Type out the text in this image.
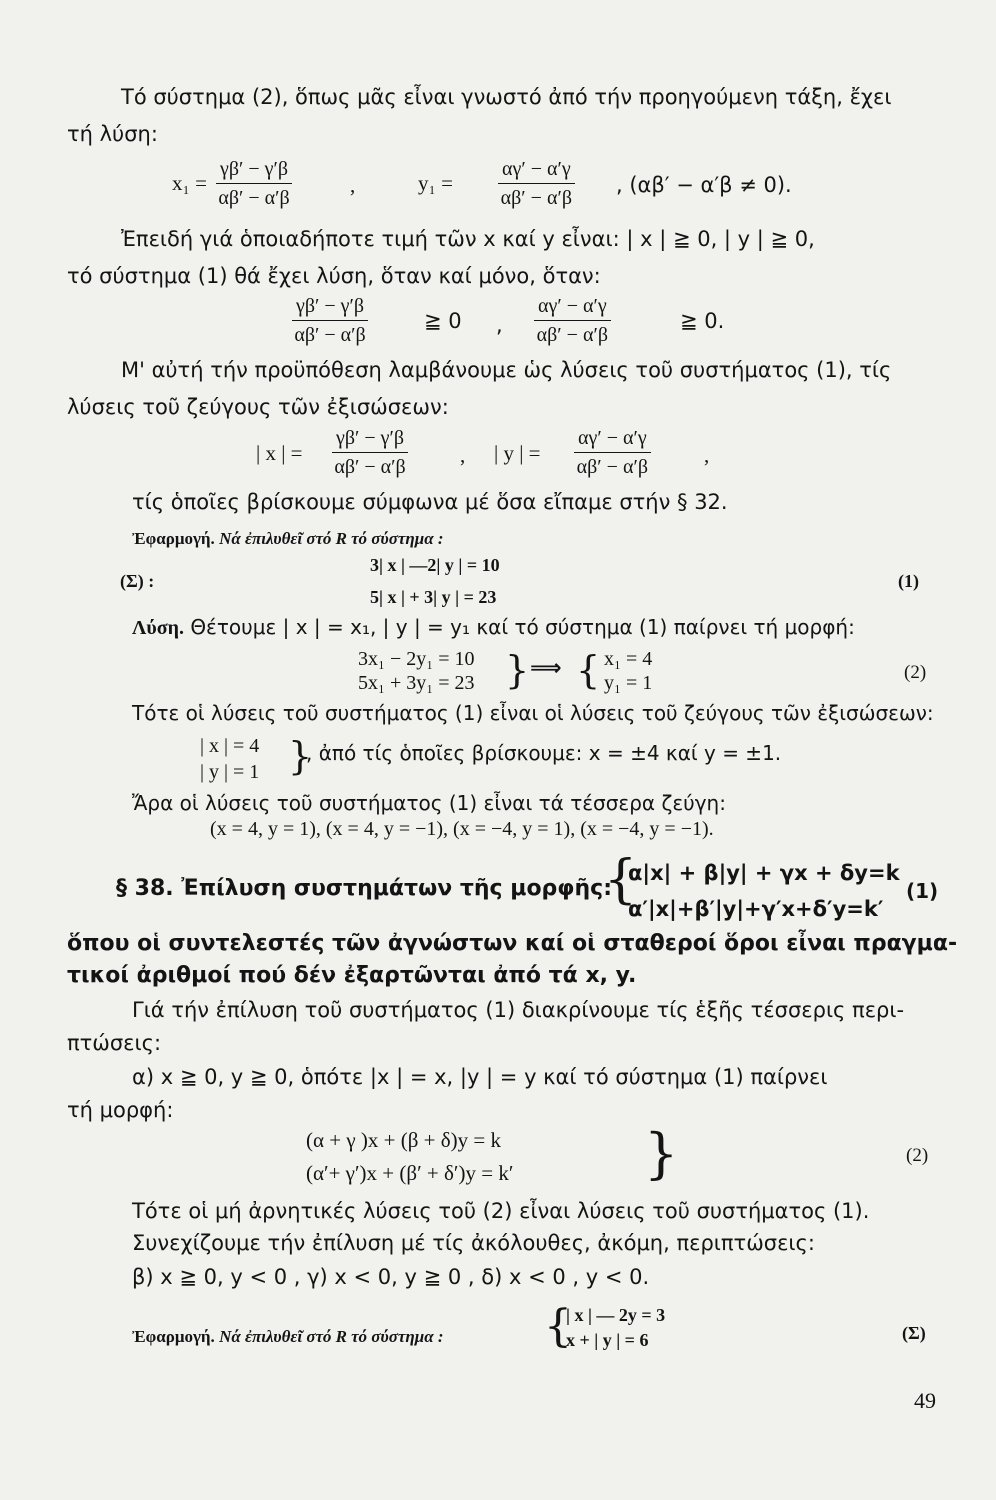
Τό σύστημα (2), ὅπως μᾶς εἶναι γνωστό ἀπό τήν προηγούμενη τάξη, ἔχει
τή λύση:
$x_1 = \frac{\gamma\beta' - \gamma'\beta}{\alpha\beta' - \alpha'\beta}$	,	$y_1 = \frac{\alpha\gamma' - \alpha'\gamma}{\alpha\beta' - \alpha'\beta}$ , (αβ′ − α′β ≠ 0).
Ἐπειδή γιά ὁποιαδήποτε τιμή τῶν x καί y εἶναι: | x | ≧ 0, | y | ≧ 0,
τό σύστημα (1) θά ἔχει λύση, ὅταν καί μόνο, ὅταν:
$\frac{\gamma\beta' - \gamma'\beta}{\alpha\beta' - \alpha'\beta}$	≧ 0 , $\frac{\alpha\gamma' - \alpha'\gamma}{\alpha\beta' - \alpha'\beta}$	≧ 0.
Μ' αὐτή τήν προϋπόθεση λαμβάνουμε ὡς λύσεις τοῦ συστήματος (1), τίς
λύσεις τοῦ ζεύγους τῶν ἐξισώσεων:
| x | = $\frac{\gamma\beta' - \gamma'\beta}{\alpha\beta' - \alpha'\beta}$ , | y | = $\frac{\alpha\gamma' - \alpha'\gamma}{\alpha\beta' - \alpha'\beta}$	,
τίς ὁποῖες βρίσκουμε σύμφωνα μέ ὅσα εἴπαμε στήν § 32.
Ἐφαρμογή. Νά ἐπιλυθεῖ στό R τό σύστημα :
(Σ) :
3| x | —2| y | = 10
5| x | + 3| y | = 23
(1)
Λύση. Θέτουμε | x | = x₁, | y | = y₁ καί τό σύστημα (1) παίρνει τή μορφή:
3x₁ − 2y₁ = 10
5x₁ + 3y₁ = 23 } ⟹ { x₁ = 4
y₁ = 1	(2)
Τότε οἱ λύσεις τοῦ συστήματος (1) εἶναι οἱ λύσεις τοῦ ζεύγους τῶν ἐξισώσεων:
| x | = 4
| y | = 1 }
, ἀπό τίς ὁποῖες βρίσκουμε: x = ±4 καί y = ±1.
Ἄρα οἱ λύσεις τοῦ συστήματος (1) εἶναι τά τέσσερα ζεύγη:
(x = 4, y = 1), (x = 4, y = −1), (x = −4, y = 1), (x = −4, y = −1).
§ 38. Ἐπίλυση συστημάτων τῆς μορφῆς:
{
α|x| + β|y| + γx + δy=k
α′|x|+β′|y|+γ′x+δ′y=k′
(1)
ὅπου οἱ συντελεστές τῶν ἀγνώστων καί οἱ σταθεροί ὅροι εἶναι πραγμα-
τικοί ἀριθμοί πού δέν ἐξαρτῶνται ἀπό τά x, y.
Γιά τήν ἐπίλυση τοῦ συστήματος (1) διακρίνουμε τίς ἑξῆς τέσσερις περι-
πτώσεις:
α) x ≧ 0, y ≧ 0, ὁπότε |x | = x, |y | = y καί τό σύστημα (1) παίρνει
τή μορφή:
(α + γ )x + (β + δ)y = k
(α′+ γ′)x + (β′ + δ′)y = k′ }	(2)
Τότε οἱ μή ἀρνητικές λύσεις τοῦ (2) εἶναι λύσεις τοῦ συστήματος (1).
Συνεχίζουμε τήν ἐπίλυση μέ τίς ἀκόλουθες, ἀκόμη, περιπτώσεις:
β) x ≧ 0, y < 0 , γ) x < 0, y ≧ 0 , δ) x < 0 , y < 0.
Ἐφαρμογή. Νά ἐπιλυθεῖ στό R τό σύστημα : {
| x | — 2y = 3
x + | y | = 6	(Σ)
49
